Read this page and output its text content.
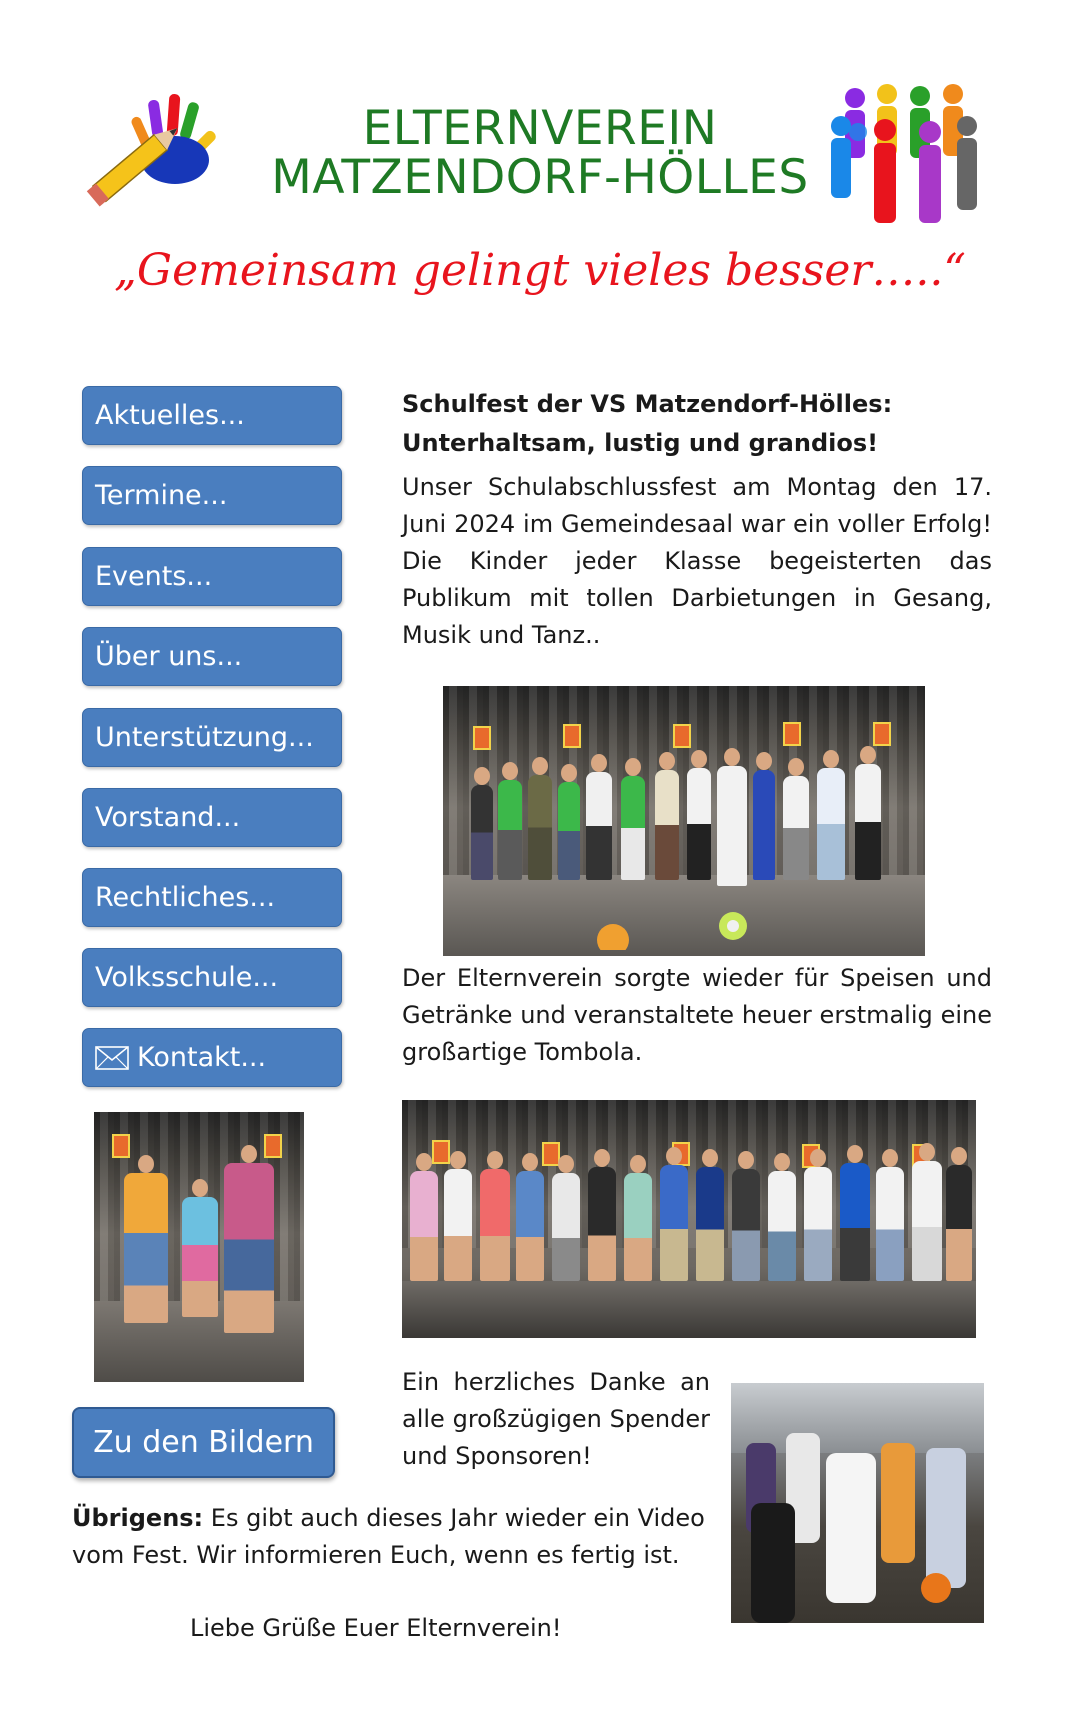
ELTERNVEREIN
MATZENDORF-HÖLLES
„Gemeinsam gelingt vieles besser…..“
Aktuelles...
Termine...
Events...
Über uns...
Unterstützung...
Vorstand...
Rechtliches...
Volksschule...
Kontakt...
Zu den Bildern
Schulfest der VS Matzendorf-Hölles:
Unterhaltsam, lustig und grandios!
Unser Schulabschlussfest am Montag den 17. Juni 2024 im Gemeindesaal war ein voller Erfolg! Die Kinder jeder Klasse begeisterten das Publikum mit tollen Darbietungen in Gesang, Musik und Tanz..
Der Elternverein sorgte wieder für Speisen und Getränke und veranstaltete heuer erstmalig eine großartige Tombola.
Ein herzliches Danke an alle großzügigen Spender und Sponsoren!
Übrigens: Es gibt auch dieses Jahr wieder ein Video vom Fest. Wir informieren Euch, wenn es fertig ist.
Liebe Grüße Euer Elternverein!
